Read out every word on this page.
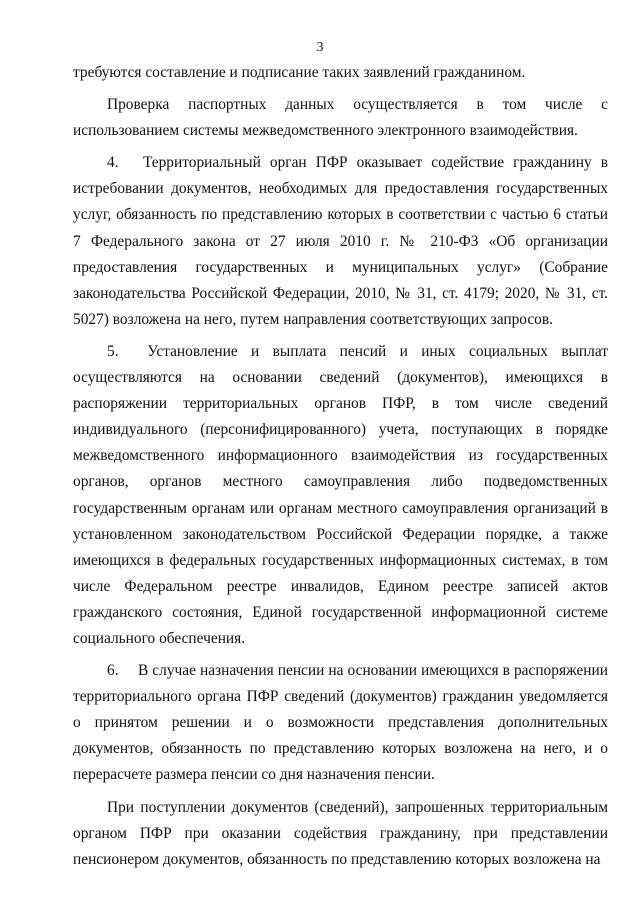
3

требуются составление и подписание таких заявлений гражданином.

Проверка паспортных данных осуществляется в том числе с использованием системы межведомственного электронного взаимодействия.

4.  Территориальный орган ПФР оказывает содействие гражданину в истребовании документов, необходимых для предоставления государственных услуг, обязанность по представлению которых в соответствии с частью 6 статьи 7 Федерального закона от 27 июля 2010 г. № 210-ФЗ «Об организации предоставления государственных и муниципальных услуг» (Собрание законодательства Российской Федерации, 2010, № 31, ст. 4179; 2020, № 31, ст. 5027) возложена на него, путем направления соответствующих запросов.

5.  Установление и выплата пенсий и иных социальных выплат осуществляются на основании сведений (документов), имеющихся в распоряжении территориальных органов ПФР, в том числе сведений индивидуального (персонифицированного) учета, поступающих в порядке межведомственного информационного взаимодействия из государственных органов, органов местного самоуправления либо подведомственных государственным органам или органам местного самоуправления организаций в установленном законодательством Российской Федерации порядке, а также имеющихся в федеральных государственных информационных системах, в том числе Федеральном реестре инвалидов, Едином реестре записей актов гражданского состояния, Единой государственной информационной системе социального обеспечения.

6.  В случае назначения пенсии на основании имеющихся в распоряжении территориального органа ПФР сведений (документов) гражданин уведомляется о принятом решении и о возможности представления дополнительных документов, обязанность по представлению которых возложена на него, и о перерасчете размера пенсии со дня назначения пенсии.

При поступлении документов (сведений), запрошенных территориальным органом ПФР при оказании содействия гражданину, при представлении пенсионером документов, обязанность по представлению которых возложена на
